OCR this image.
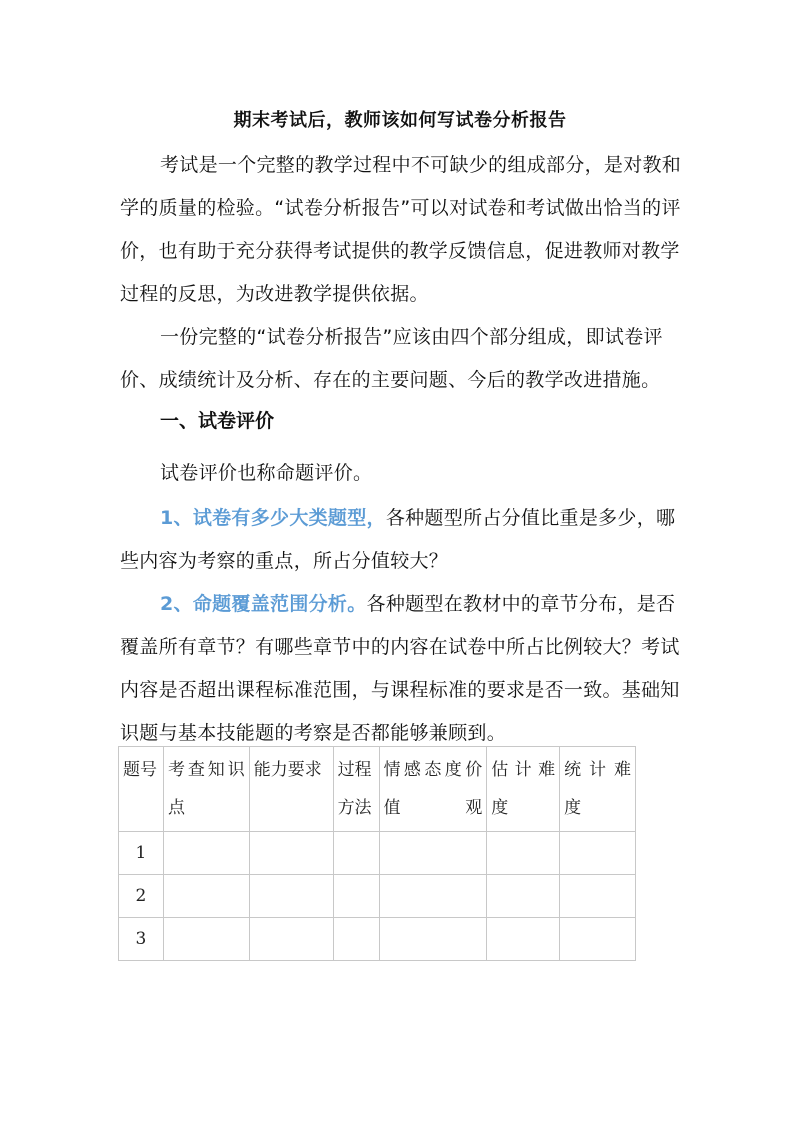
期末考试后，教师该如何写试卷分析报告

考试是一个完整的教学过程中不可缺少的组成部分，是对教和学的质量的检验。“试卷分析报告”可以对试卷和考试做出恰当的评价，也有助于充分获得考试提供的教学反馈信息，促进教师对教学过程的反思，为改进教学提供依据。

一份完整的“试卷分析报告”应该由四个部分组成，即试卷评价、成绩统计及分析、存在的主要问题、今后的教学改进措施。

一、试卷评价

试卷评价也称命题评价。

1、试卷有多少大类题型，各种题型所占分值比重是多少，哪些内容为考察的重点，所占分值较大？

2、命题覆盖范围分析。各种题型在教材中的章节分布，是否覆盖所有章节？有哪些章节中的内容在试卷中所占比例较大？考试内容是否超出课程标准范围，与课程标准的要求是否一致。基础知识题与基本技能题的考察是否都能够兼顾到。

题号	考查知识点	能力要求	过程方法	情感态度价值观	估计难度	统计难度
1						
2						
3						
